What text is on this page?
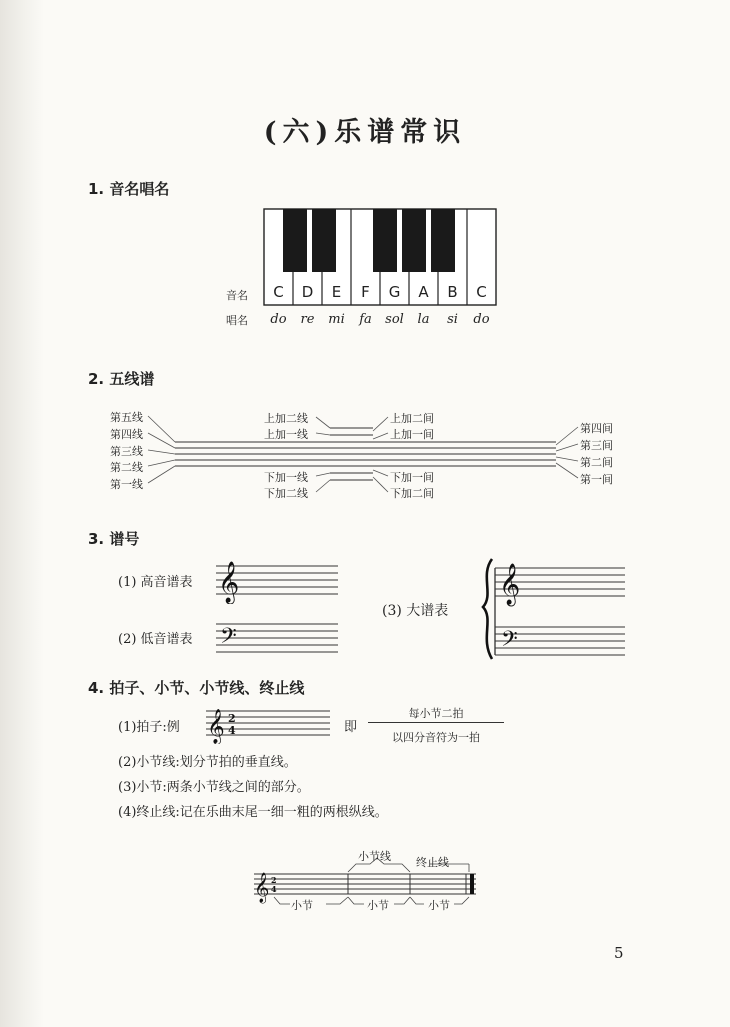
(六)乐谱常识
1. 音名唱名
音名
唱名
C	D	E	F	G	A	B	C
do	re	mi	fa	sol	la	si	do
2. 五线谱
第五线
第四线
第三线
第二线
第一线
第四间
第三间
第二间
第一间
上加二线
上加一线
上加二间
上加一间
下加一线
下加二线
下加一间
下加二间
3. 谱号
(1) 高音谱表
(2) 低音谱表
(3) 大谱表
𝄞
𝄢
𝄞
𝄢
4. 拍子、小节、小节线、终止线
(1)拍子:例 𝄞 2
4	即
每小节二拍
以四分音符为一拍
(2)小节线:划分节拍的垂直线。
(3)小节:两条小节线之间的部分。
(4)终止线:记在乐曲末尾一细一粗的两根纵线。
𝄞 2
4
小节线 终止线
小节	小节	小节
5
